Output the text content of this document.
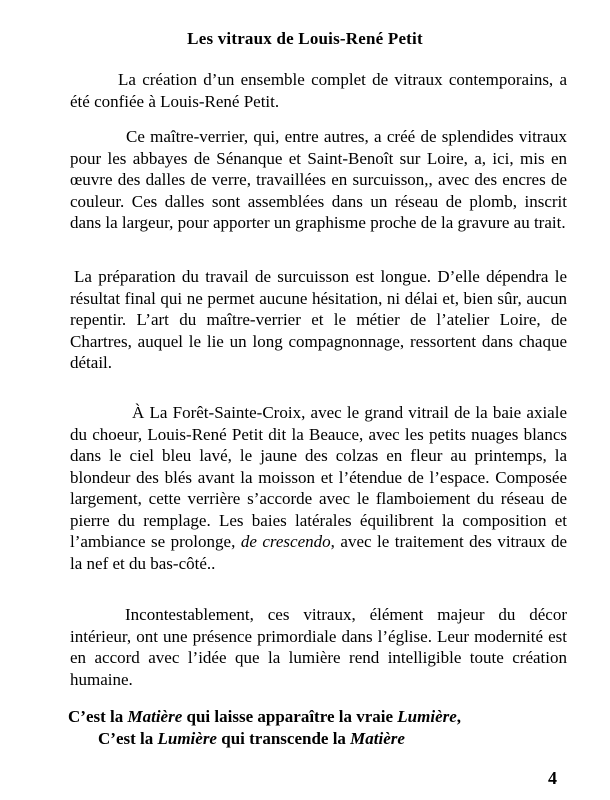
Les vitraux de Louis-René Petit

La création d’un ensemble complet de vitraux contemporains, a été confiée à Louis-René Petit.

Ce maître-verrier, qui, entre autres, a créé de splendides vitraux pour les abbayes de Sénanque et Saint-Benoît sur Loire, a, ici, mis en œuvre des dalles de verre, travaillées en surcuisson,, avec des encres de couleur. Ces dalles sont assemblées dans un réseau de plomb, inscrit dans la largeur, pour apporter un graphisme proche de la gravure au trait.

La préparation du travail de surcuisson est longue. D’elle dépendra le résultat final qui ne permet aucune hésitation, ni délai et, bien sûr, aucun repentir. L’art du maître-verrier et le métier de l’atelier Loire, de Chartres, auquel le lie un long compagnonnage, ressortent dans chaque détail.

À La Forêt-Sainte-Croix, avec le grand vitrail de la baie axiale du choeur, Louis-René Petit dit la Beauce, avec les petits nuages blancs dans le ciel bleu lavé, le jaune des colzas en fleur au printemps, la blondeur des blés avant la moisson et l’étendue de l’espace. Composée largement, cette verrière s’accorde avec le flamboiement du réseau de pierre du remplage. Les baies latérales équilibrent la composition et l’ambiance se prolonge, de crescendo, avec le traitement des vitraux de la nef et du bas-côté..

Incontestablement, ces vitraux, élément majeur du décor intérieur, ont une présence primordiale dans l’église. Leur modernité est en accord avec l’idée que la lumière rend intelligible toute création humaine.

C’est la Matière qui laisse apparaître la vraie Lumière,
C’est la Lumière qui transcende la Matière
4
